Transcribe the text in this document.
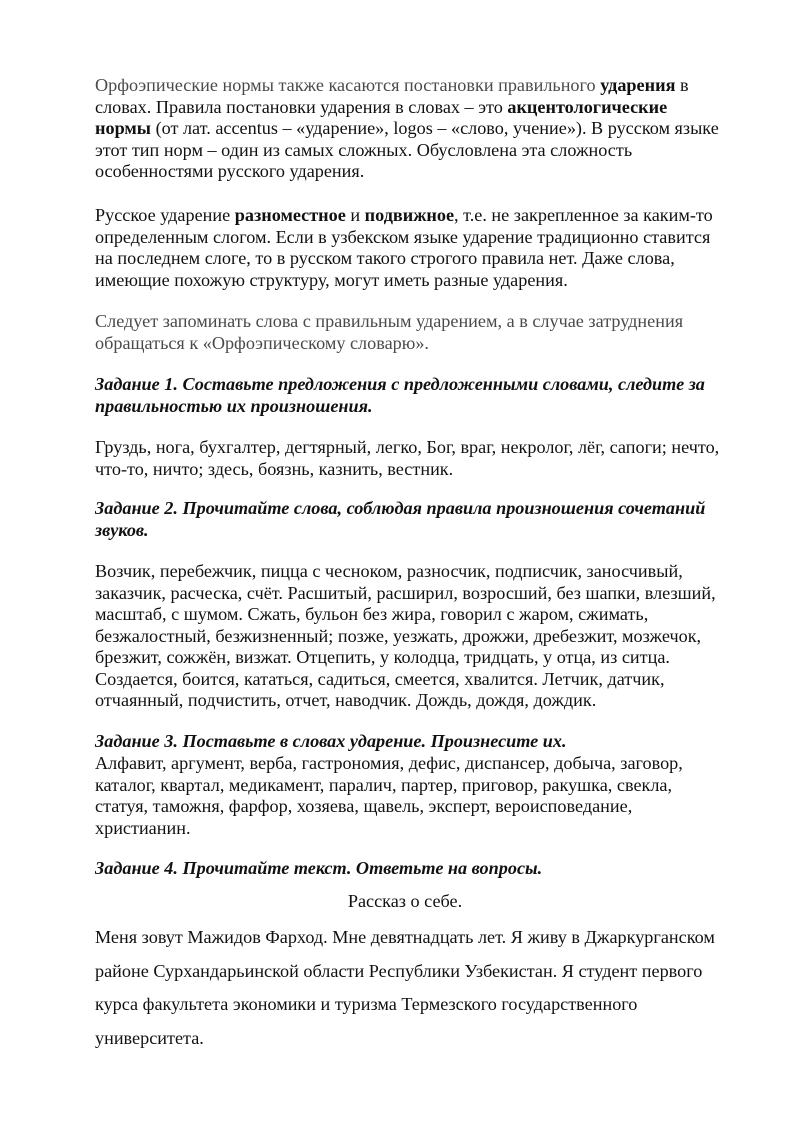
Орфоэпические нормы также касаются постановки правильного ударения в словах. Правила постановки ударения в словах – это акцентологические нормы (от лат. accentus – «ударение», logos – «слово, учение»). В русском языке этот тип норм – один из самых сложных. Обусловлена эта сложность особенностями русского ударения.

Русское ударение разноместное и подвижное, т.е. не закрепленное за каким-то определенным слогом. Если в узбекском языке ударение традиционно ставится на последнем слоге, то в русском такого строгого правила нет. Даже слова, имеющие похожую структуру, могут иметь разные ударения.

Следует запоминать слова с правильным ударением, а в случае затруднения обращаться к «Орфоэпическому словарю».

Задание 1. Составьте предложения с предложенными словами, следите за правильностью их произношения.

Груздь, нога, бухгалтер, дегтярный, легко, Бог, враг, некролог, лёг, сапоги; нечто, что-то, ничто; здесь, боязнь, казнить, вестник.

Задание 2. Прочитайте слова, соблюдая правила произношения сочетаний звуков.

Возчик, перебежчик, пицца с чесноком, разносчик, подписчик, заносчивый, заказчик, расческа, счёт. Расшитый, расширил, возросший, без шапки, влезший, масштаб, с шумом. Сжать, бульон без жира, говорил с жаром, сжимать, безжалостный, безжизненный; позже, уезжать, дрожжи, дребезжит, мозжечок, брезжит, сожжён, визжат. Отцепить, у колодца, тридцать, у отца, из ситца. Создается, боится, кататься, садиться, смеется, хвалится. Летчик, датчик, отчаянный, подчистить, отчет, наводчик. Дождь, дождя, дождик.

Задание 3. Поставьте в словах ударение. Произнесите их.

Алфавит, аргумент, верба, гастрономия, дефис, диспансер, добыча, заговор, каталог, квартал, медикамент, паралич, партер, приговор, ракушка, свекла, статуя, таможня, фарфор, хозяева, щавель, эксперт, вероисповедание, христианин.

Задание 4. Прочитайте текст. Ответьте на вопросы.

Рассказ о себе.

Меня зовут Мажидов Фарход. Мне девятнадцать лет. Я живу в Джаркурганском районе Сурхандарьинской области Республики Узбекистан. Я студент первого курса факультета экономики и туризма Термезского государственного университета.
